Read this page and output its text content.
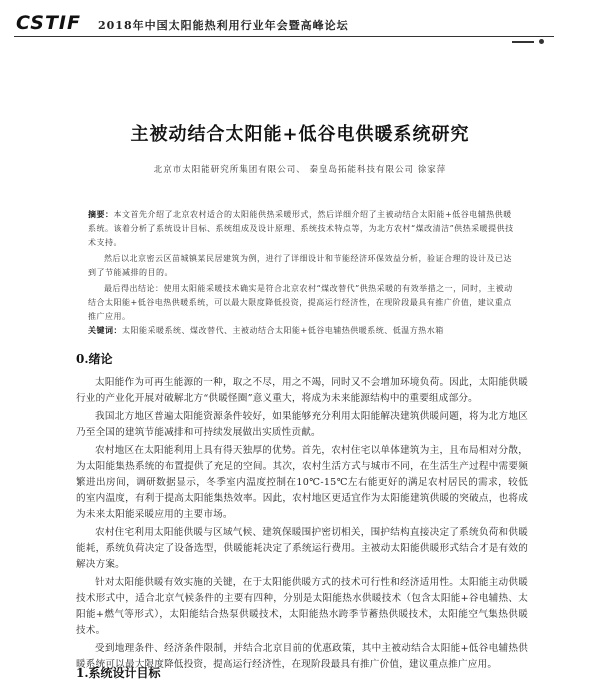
CSTIF 2018年中国太阳能热利用行业年会暨高峰论坛
主被动结合太阳能+低谷电供暖系统研究
北京市太阳能研究所集团有限公司、 秦皇岛拓能科技有限公司 徐家萍

摘要：本文首先介绍了北京农村适合的太阳能供热采暖形式，然后详细介绍了主被动结合太阳能+低谷电辅热供暖系统。该着分析了系统设计目标、系统组成及设计原理、系统技术特点等，为北方农村“煤改清洁”供热采暖提供技术支持。

然后以北京密云区苗城镇某民居建筑为例，进行了详细设计和节能经济环保效益分析，验证合理的设计及已达到了节能减排的目的。

最后得出结论：使用太阳能采暖技术确实是符合北京农村“煤改替代”供热采暖的有效举措之一，同时，主被动结合太阳能+低谷电热供暖系统，可以最大限度降低投资，提高运行经济性，在现阶段最具有推广价值，建议重点推广应用。

关键词：太阳能采暖系统、煤改替代、主被动结合太阳能+低谷电辅热供暖系统、低温方热水箱
0.绪论

太阳能作为可再生能源的一种，取之不尽，用之不竭，同时又不会增加环境负荷。因此，太阳能供暖行业的产业化开展对破解北方“供暖怪圈”意义重大，将成为未来能源结构中的重要组成部分。

我国北方地区普遍太阳能资源条件较好，如果能够充分利用太阳能解决建筑供暖问题，将为北方地区乃至全国的建筑节能减排和可持续发展做出实质性贡献。

农村地区在太阳能利用上具有得天独厚的优势。首先，农村住宅以单体建筑为主，且布局相对分散，为太阳能集热系统的布置提供了充足的空间。其次，农村生活方式与城市不同，在生活生产过程中需要频繁进出房间，调研数据显示，冬季室内温度控制在10℃-15℃左右能更好的满足农村居民的需求，较低的室内温度，有利于提高太阳能集热效率。因此，农村地区更适宜作为太阳能建筑供暖的突破点，也将成为未来太阳能采暖应用的主要市场。

农村住宅利用太阳能供暖与区域气候、建筑保暖围护密切相关，围护结构直接决定了系统负荷和供暖能耗，系统负荷决定了设备选型，供暖能耗决定了系统运行费用。主被动太阳能供暖形式结合才是有效的解决方案。

针对太阳能供暖有效实施的关键，在于太阳能供暖方式的技术可行性和经济适用性。太阳能主动供暖技术形式中，适合北京气候条件的主要有四种，分别是太阳能热水供暖技术（包含太阳能+谷电辅热、太阳能+燃气等形式），太阳能结合热泵供暖技术，太阳能热水跨季节蓄热供暖技术，太阳能空气集热供暖技术。

受到地理条件、经济条件限制，并结合北京目前的优惠政策，其中主被动结合太阳能+低谷电辅热供暖系统可以最大限度降低投资，提高运行经济性，在现阶段最具有推广价值，建议重点推广应用。

1.系统设计目标
